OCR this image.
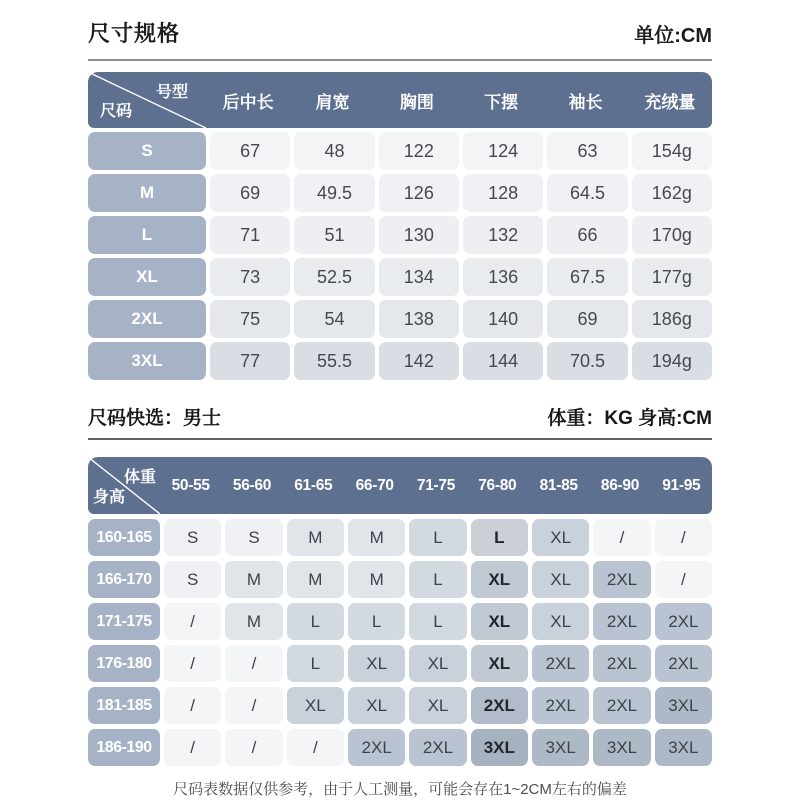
尺寸规格	单位:CM
号型
尺码	后中长	肩宽	胸围	下摆	袖长	充绒量
S	67	48	122	124	63	154g
M	69	49.5	126	128	64.5	162g
L	71	51	130	132	66	170g
XL	73	52.5	134	136	67.5	177g
2XL	75	54	138	140	69	186g
3XL	77	55.5	142	144	70.5	194g
尺码快选：男士	体重：KG 身高:CM
体重
身高
50-55	56-60	61-65	66-70	71-75	76-80	81-85	86-90	91-95
160-165	S	S	M	M	L	L	XL	/	/
166-170	S	M	M	M	L	XL	XL	2XL	/
171-175	/	M	L	L	L	XL	XL	2XL	2XL
176-180	/	/	L	XL	XL	XL	2XL	2XL	2XL
181-185	/	/	XL	XL	XL	2XL	2XL	2XL	3XL
186-190	/	/	/	2XL	2XL	3XL	3XL	3XL	3XL
尺码表数据仅供参考，由于人工测量，可能会存在1~2CM左右的偏差
